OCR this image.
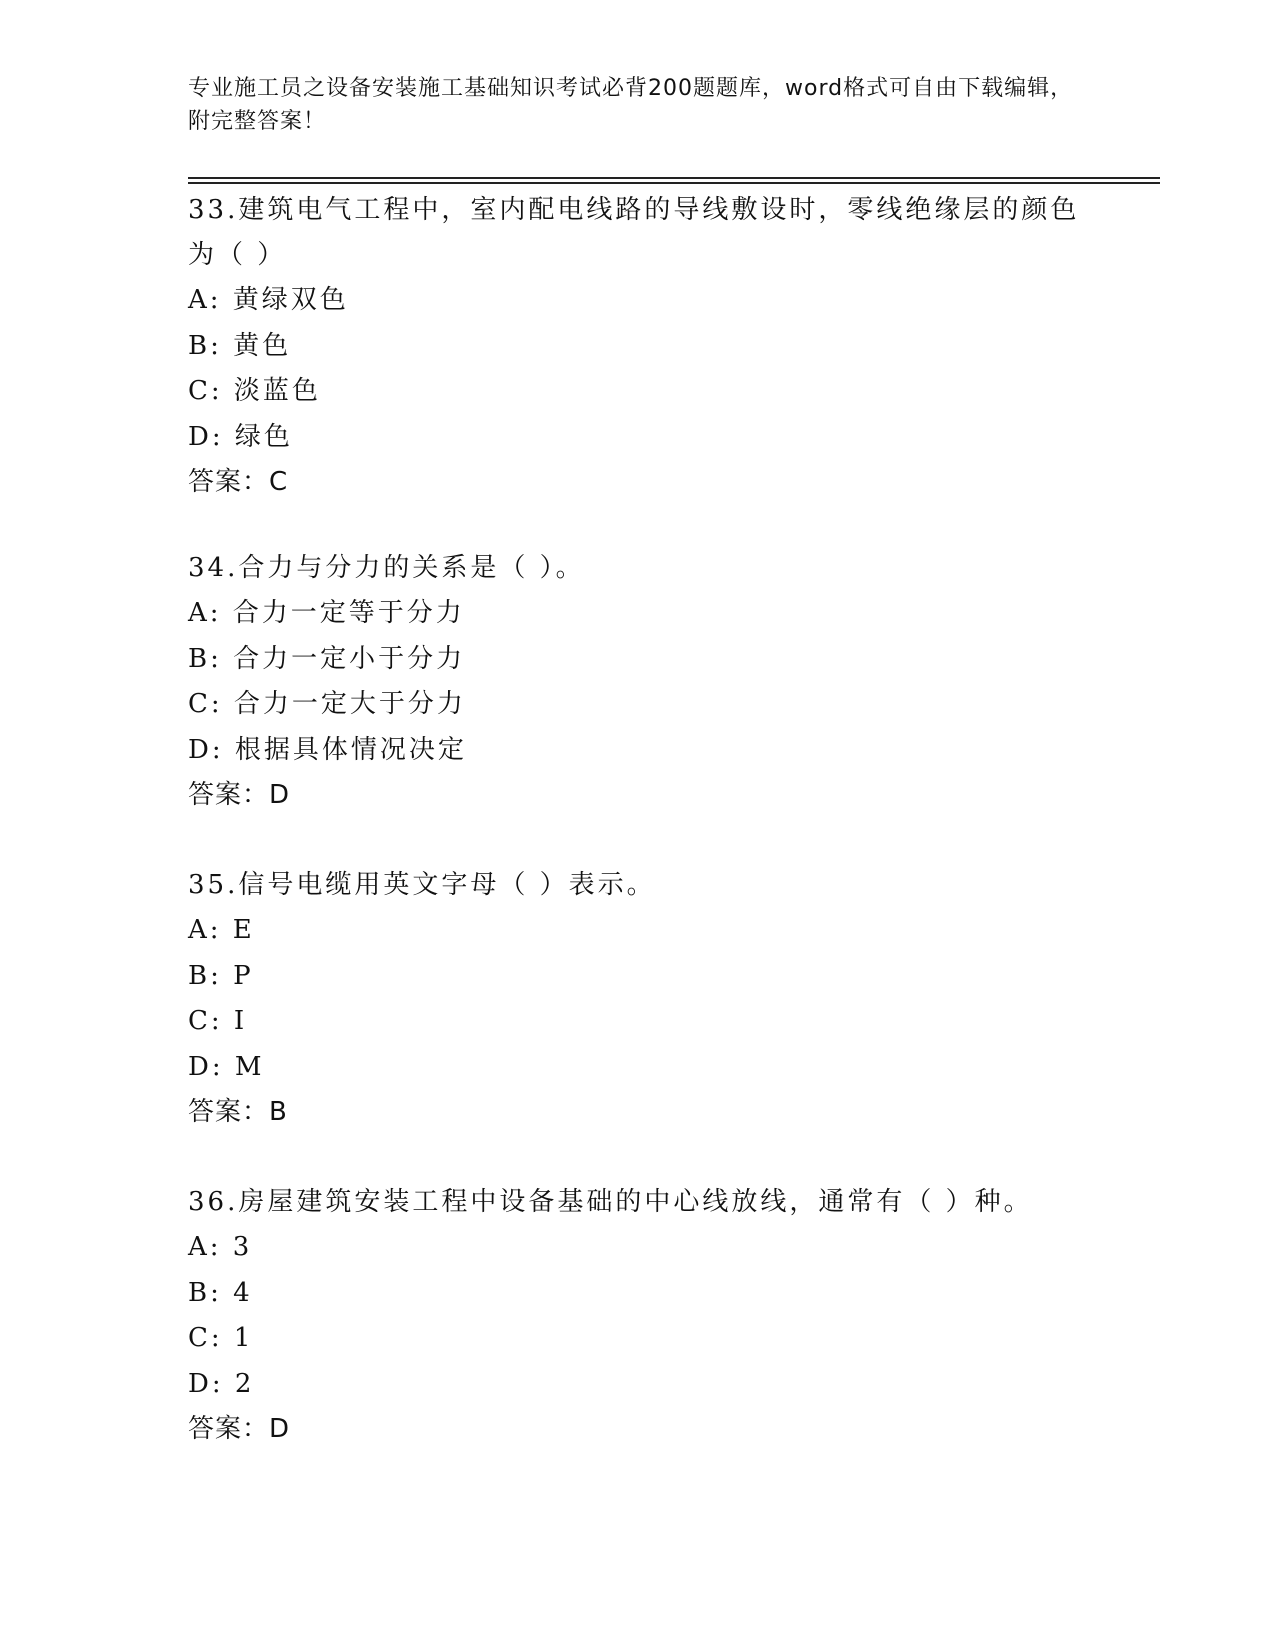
专业施工员之设备安装施工基础知识考试必背200题题库，word格式可自由下载编辑，附完整答案！
33.建筑电气工程中，室内配电线路的导线敷设时，零线绝缘层的颜色为（ ）
A: 黄绿双色
B: 黄色
C: 淡蓝色
D: 绿色
答案：C
34.合力与分力的关系是（ ）。
A: 合力一定等于分力
B: 合力一定小于分力
C: 合力一定大于分力
D: 根据具体情况决定
答案：D
35.信号电缆用英文字母（ ）表示。
A: E
B: P
C: I
D: M
答案：B
36.房屋建筑安装工程中设备基础的中心线放线，通常有（ ）种。
A: 3
B: 4
C: 1
D: 2
答案：D
